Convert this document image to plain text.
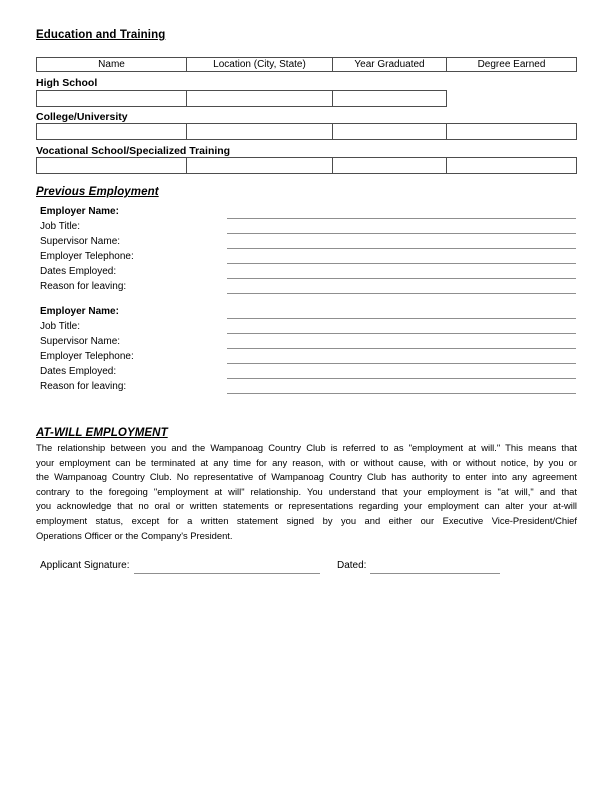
Education and Training
Name	Location (City, State)	Year Graduated	Degree Earned
High School
College/University
Vocational School/Specialized Training
Previous Employment
Employer Name:
Job Title:
Supervisor Name:
Employer Telephone:
Dates Employed:
Reason for leaving:
Employer Name:
Job Title:
Supervisor Name:
Employer Telephone:
Dates Employed:
Reason for leaving:
AT-WILL EMPLOYMENT
The relationship between you and the Wampanoag Country Club is referred to as "employment at will." This means that
your employment can be terminated at any time for any reason, with or without cause, with or without notice, by you or
the Wampanoag Country Club. No representative of Wampanoag Country Club has authority to enter into any agreement
contrary to the foregoing "employment at will" relationship. You understand that your employment is "at will," and that
you acknowledge that no oral or written statements or representations regarding your employment can alter your at-will
employment status, except for a written statement signed by you and either our Executive Vice-President/Chief
Operations Officer or the Company's President.
Applicant Signature:	Dated:
